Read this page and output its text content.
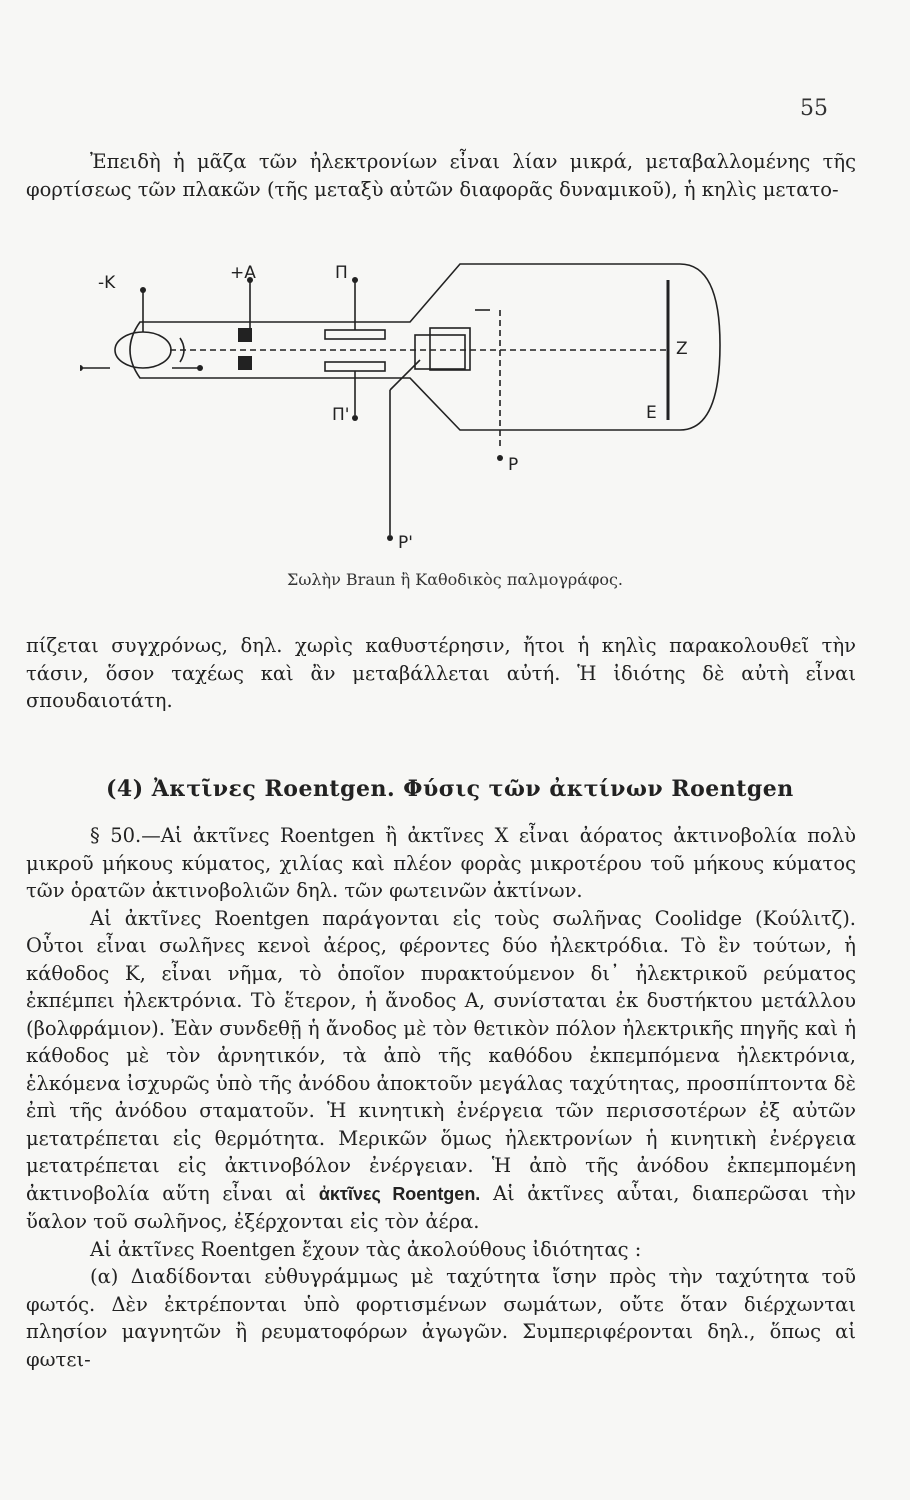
55

Ἐπειδὴ ἡ μᾶζα τῶν ἠλεκτρονίων εἶναι λίαν μικρά, μεταβαλλομένης τῆς φορτίσεως τῶν πλακῶν (τῆς μεταξὺ αὐτῶν διαφορᾶς δυναμικοῦ), ἡ κηλὶς μετατο-

-K	+A	Π
Π'
Z
E
P
P'
Σωλὴν Braun ἢ Καθοδικὸς παλμογράφος.

πίζεται συγχρόνως, δηλ. χωρὶς καθυστέρησιν, ἤτοι ἡ κηλὶς παρακολουθεῖ τὴν τάσιν, ὅσον ταχέως καὶ ἂν μεταβάλλεται αὐτή. Ἡ ἰδιότης δὲ αὐτὴ εἶναι σπουδαιοτάτη.

(4) Ἀκτῖνες Roentgen. Φύσις τῶν ἀκτίνων Roentgen

§ 50.—Αἱ ἀκτῖνες Roentgen ἢ ἀκτῖνες X εἶναι ἀόρατος ἀκτινοβολία πολὺ μικροῦ μήκους κύματος, χιλίας καὶ πλέον φορὰς μικροτέρου τοῦ μήκους κύματος τῶν ὁρατῶν ἀκτινοβολιῶν δηλ. τῶν φωτεινῶν ἀκτίνων.

Αἱ ἀκτῖνες Roentgen παράγονται εἰς τοὺς σωλῆνας Coolidge (Κούλιτζ). Οὗτοι εἶναι σωλῆνες κενοὶ ἀέρος, φέροντες δύο ἠλεκτρόδια. Τὸ ἓν τούτων, ἡ κάθοδος Κ, εἶναι νῆμα, τὸ ὁποῖον πυρακτούμενον δι᾽ ἠλεκτρικοῦ ρεύματος ἐκπέμπει ἠλεκτρόνια. Τὸ ἕτερον, ἡ ἄνοδος Α, συνίσταται ἐκ δυστήκτου μετάλλου (βολφράμιον). Ἐὰν συνδεθῇ ἡ ἄνοδος μὲ τὸν θετικὸν πόλον ἠλεκτρικῆς πηγῆς καὶ ἡ κάθοδος μὲ τὸν ἀρνητικόν, τὰ ἀπὸ τῆς καθόδου ἐκπεμπόμενα ἠλεκτρόνια, ἑλκόμενα ἰσχυρῶς ὑπὸ τῆς ἀνόδου ἀποκτοῦν μεγάλας ταχύτητας, προσπίπτοντα δὲ ἐπὶ τῆς ἀνόδου σταματοῦν. Ἡ κινητικὴ ἐνέργεια τῶν περισσοτέρων ἐξ αὐτῶν μετατρέπεται εἰς θερμότητα. Μερικῶν ὅμως ἠλεκτρονίων ἡ κινητικὴ ἐνέργεια μετατρέπεται εἰς ἀκτινοβόλον ἐνέργειαν. Ἡ ἀπὸ τῆς ἀνόδου ἐκπεμπομένη ἀκτινοβολία αὕτη εἶναι αἱ ἀκτῖνες Roentgen. Αἱ ἀκτῖνες αὗται, διαπερῶσαι τὴν ὕαλον τοῦ σωλῆνος, ἐξέρχονται εἰς τὸν ἀέρα.

Αἱ ἀκτῖνες Roentgen ἔχουν τὰς ἀκολούθους ἰδιότητας :

(α) Διαδίδονται εὐθυγράμμως μὲ ταχύτητα ἴσην πρὸς τὴν ταχύτητα τοῦ φωτός. Δὲν ἐκτρέπονται ὑπὸ φορτισμένων σωμάτων, οὔτε ὅταν διέρχωνται πλησίον μαγνητῶν ἢ ρευματοφόρων ἀγωγῶν. Συμπεριφέρονται δηλ., ὅπως αἱ φωτει-
